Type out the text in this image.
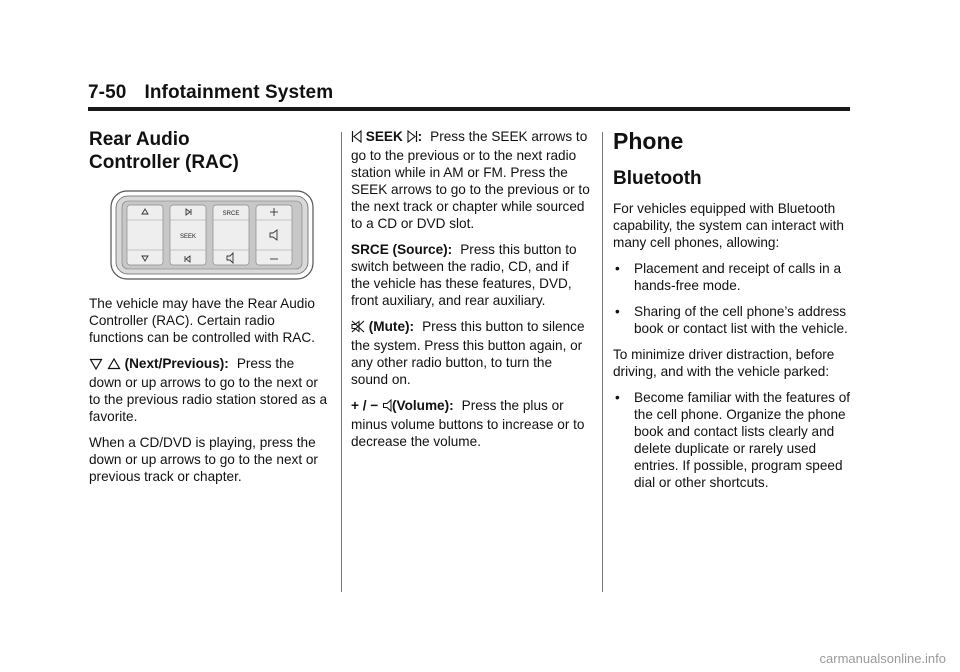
7-50 Infotainment System
Rear Audio
Controller (RAC)
SRCE
SEEK

The vehicle may have the Rear Audio Controller (RAC). Certain radio functions can be controlled with RAC.

(Next/Previous): Press the down or up arrows to go to the next or to the previous radio station stored as a favorite.

When a CD/DVD is playing, press the down or up arrows to go to the next or previous track or chapter.

SEEK : Press the SEEK arrows to go to the previous or to the next radio station while in AM or FM. Press the SEEK arrows to go to the previous or to the next track or chapter while sourced to a CD or DVD slot.

SRCE (Source): Press this button to switch between the radio, CD, and if the vehicle has these features, DVD, front auxiliary, and rear auxiliary.

(Mute): Press this button to silence the system. Press this button again, or any other radio button, to turn the sound on.

+ / − (Volume): Press the plus or minus volume buttons to increase or to decrease the volume.

Phone
Bluetooth

For vehicles equipped with Bluetooth capability, the system can interact with many cell phones, allowing:

• Placement and receipt of calls in a hands-free mode.
• Sharing of the cell phone’s address book or contact list with the vehicle.

To minimize driver distraction, before driving, and with the vehicle parked:

• Become familiar with the features of the cell phone. Organize the phone book and contact lists clearly and delete duplicate or rarely used entries. If possible, program speed dial or other shortcuts.
carmanualsonline.info
